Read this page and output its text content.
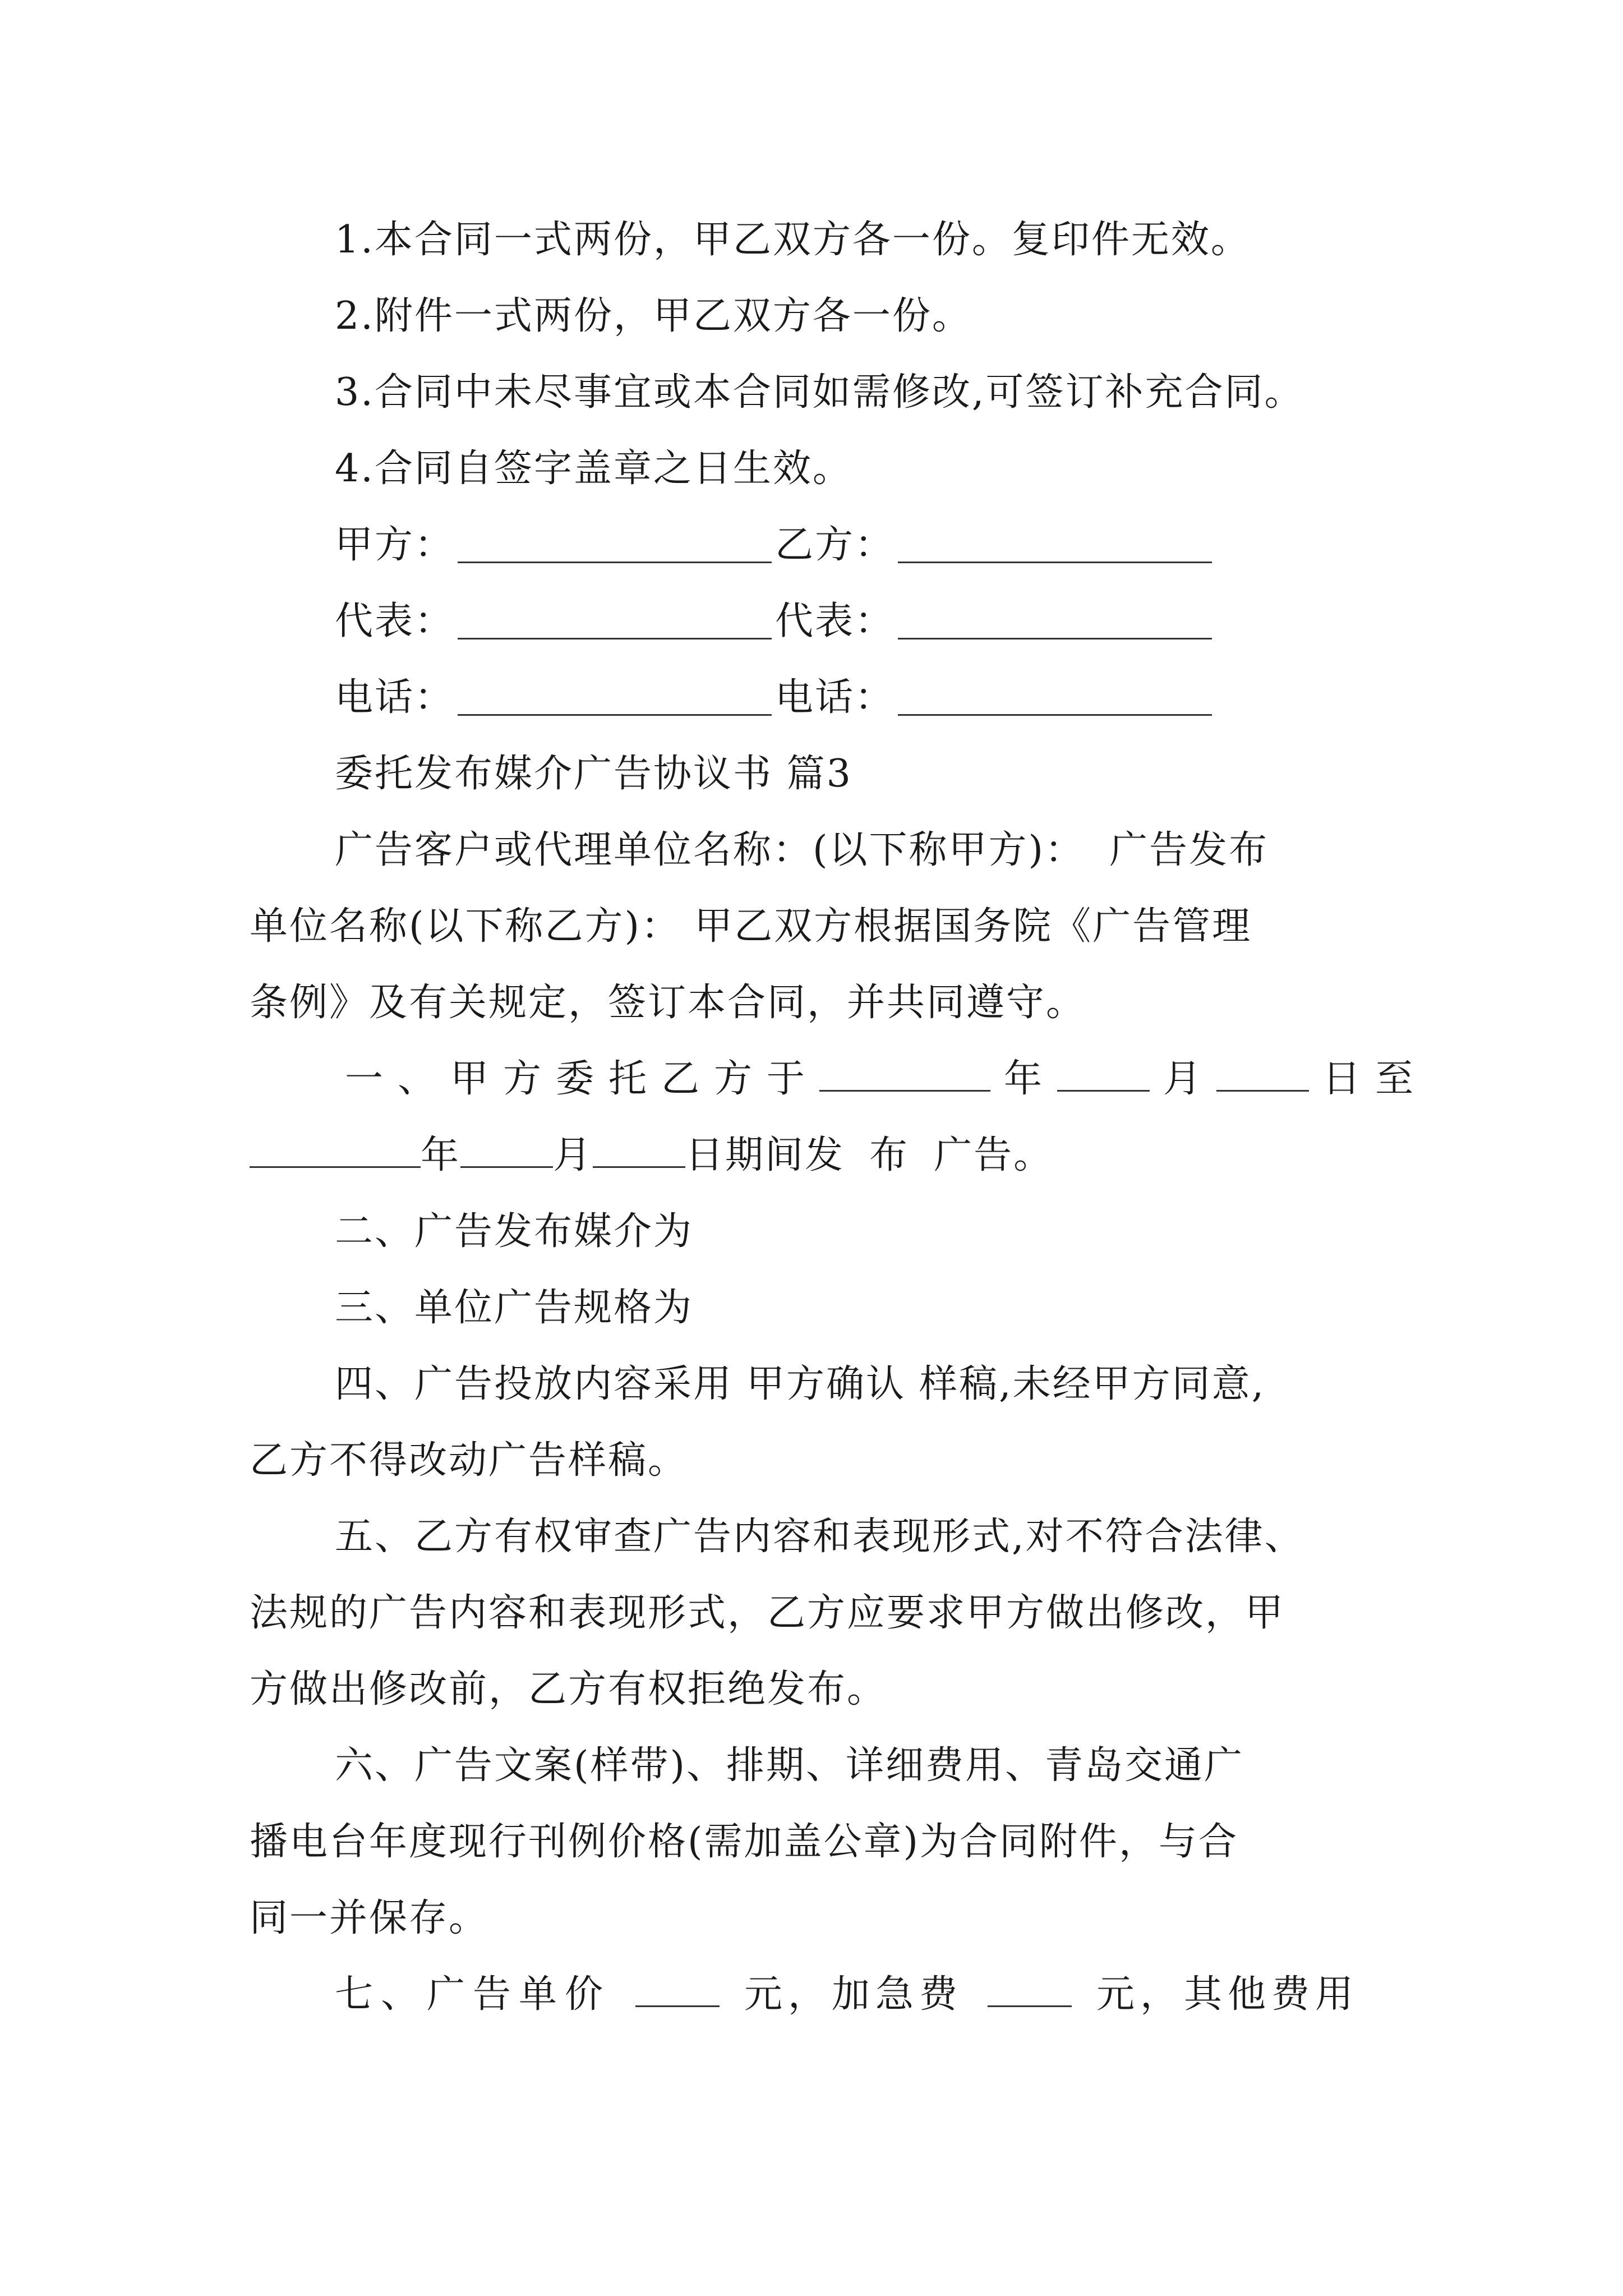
1.本合同一式两份，甲乙双方各一份。复印件无效。
2.附件一式两份，甲乙双方各一份。
3.合同中未尽事宜或本合同如需修改,可签订补充合同。
4.合同自签字盖章之日生效。
甲方：	乙方：
代表：	代表：
电话：	电话：
委托发布媒介广告协议书 篇3
广告客户或代理单位名称：(以下称甲方)： 广告发布
单位名称(以下称乙方)： 甲乙双方根据国务院《广告管理
条例》及有关规定，签订本合同，并共同遵守。
一、甲方委托乙方于	年	月	日至
年 月 日期间发 布 广告。
二、广告发布媒介为
三、单位广告规格为
四、广告投放内容采用 甲方确认 样稿,未经甲方同意,
乙方不得改动广告样稿。
五、乙方有权审查广告内容和表现形式,对不符合法律、
法规的广告内容和表现形式，乙方应要求甲方做出修改，甲
方做出修改前，乙方有权拒绝发布。
六、广告文案(样带)、排期、详细费用、青岛交通广
播电台年度现行刊例价格(需加盖公章)为合同附件，与合
同一并保存。
七、广告单价	元，加急费	元，其他费用
